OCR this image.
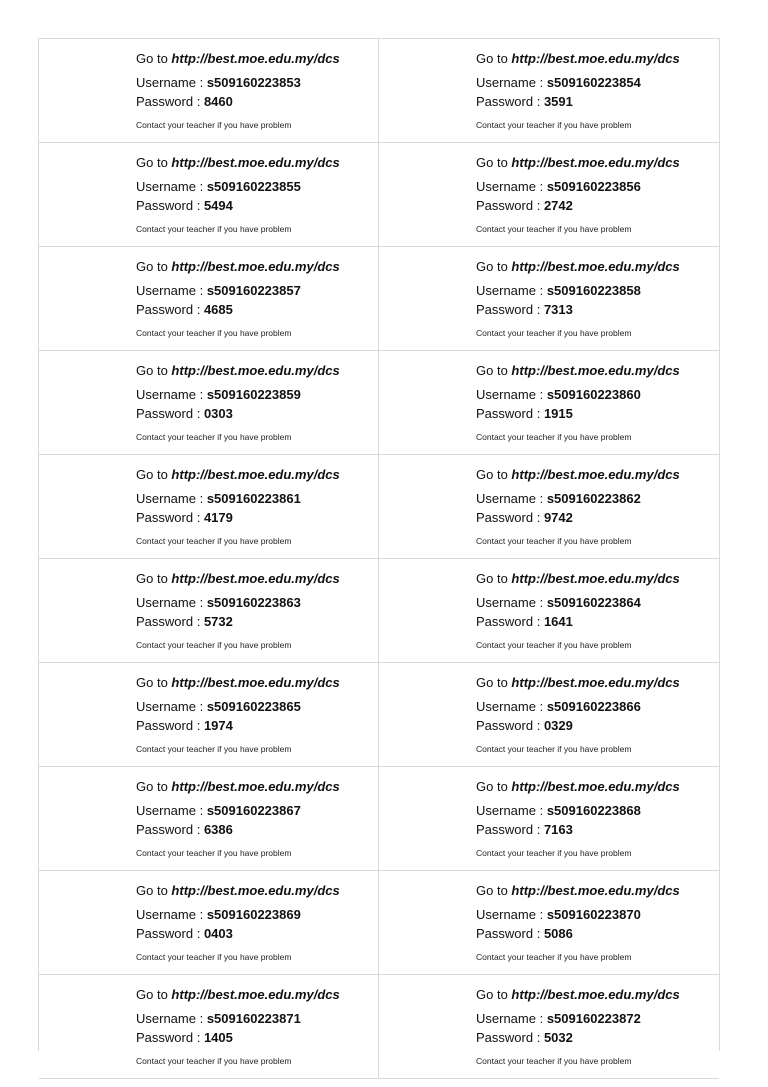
Go to http://best.moe.edu.my/dcs
Username : s509160223853
Password : 8460
Contact your teacher if you have problem
Go to http://best.moe.edu.my/dcs
Username : s509160223854
Password : 3591
Contact your teacher if you have problem
Go to http://best.moe.edu.my/dcs
Username : s509160223855
Password : 5494
Contact your teacher if you have problem
Go to http://best.moe.edu.my/dcs
Username : s509160223856
Password : 2742
Contact your teacher if you have problem
Go to http://best.moe.edu.my/dcs
Username : s509160223857
Password : 4685
Contact your teacher if you have problem
Go to http://best.moe.edu.my/dcs
Username : s509160223858
Password : 7313
Contact your teacher if you have problem
Go to http://best.moe.edu.my/dcs
Username : s509160223859
Password : 0303
Contact your teacher if you have problem
Go to http://best.moe.edu.my/dcs
Username : s509160223860
Password : 1915
Contact your teacher if you have problem
Go to http://best.moe.edu.my/dcs
Username : s509160223861
Password : 4179
Contact your teacher if you have problem
Go to http://best.moe.edu.my/dcs
Username : s509160223862
Password : 9742
Contact your teacher if you have problem
Go to http://best.moe.edu.my/dcs
Username : s509160223863
Password : 5732
Contact your teacher if you have problem
Go to http://best.moe.edu.my/dcs
Username : s509160223864
Password : 1641
Contact your teacher if you have problem
Go to http://best.moe.edu.my/dcs
Username : s509160223865
Password : 1974
Contact your teacher if you have problem
Go to http://best.moe.edu.my/dcs
Username : s509160223866
Password : 0329
Contact your teacher if you have problem
Go to http://best.moe.edu.my/dcs
Username : s509160223867
Password : 6386
Contact your teacher if you have problem
Go to http://best.moe.edu.my/dcs
Username : s509160223868
Password : 7163
Contact your teacher if you have problem
Go to http://best.moe.edu.my/dcs
Username : s509160223869
Password : 0403
Contact your teacher if you have problem
Go to http://best.moe.edu.my/dcs
Username : s509160223870
Password : 5086
Contact your teacher if you have problem
Go to http://best.moe.edu.my/dcs
Username : s509160223871
Password : 1405
Contact your teacher if you have problem
Go to http://best.moe.edu.my/dcs
Username : s509160223872
Password : 5032
Contact your teacher if you have problem
